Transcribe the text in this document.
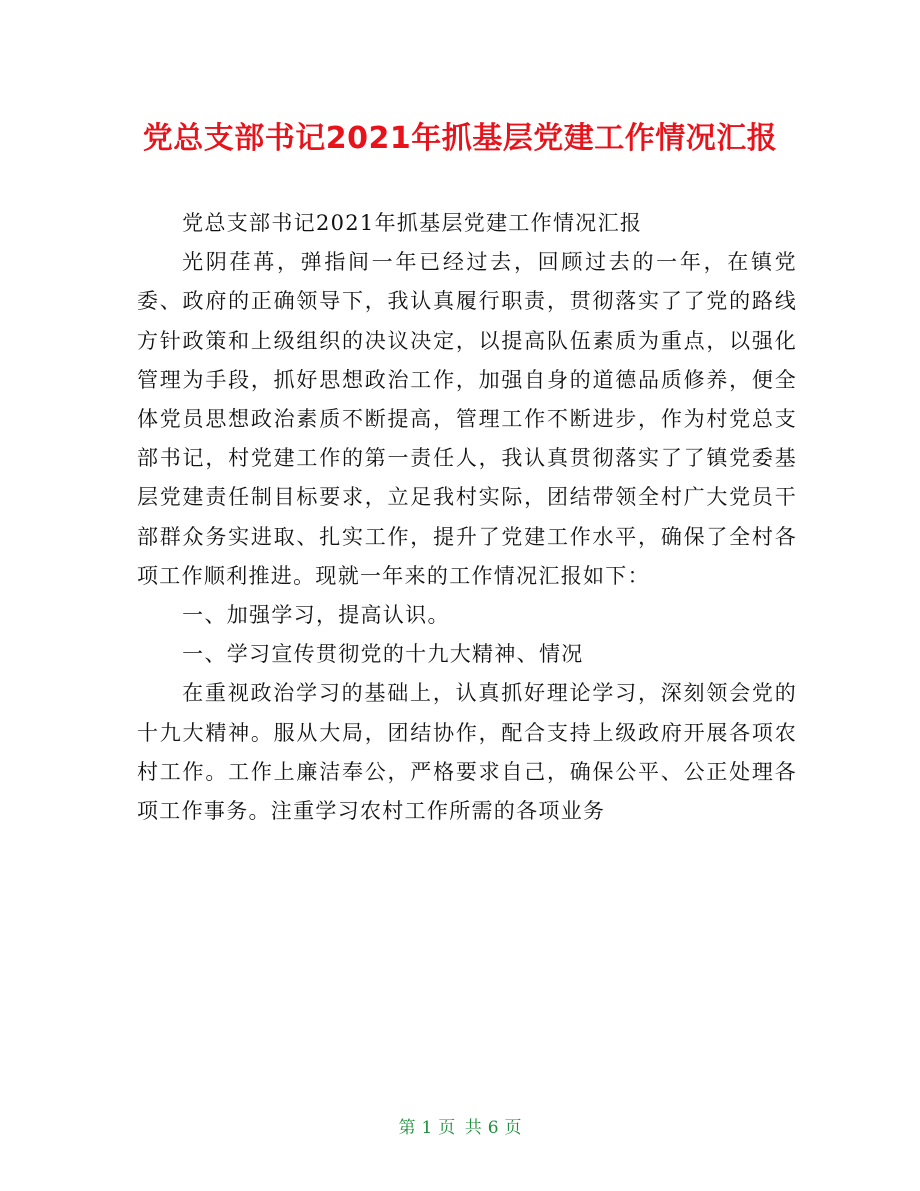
党总支部书记2021年抓基层党建工作情况汇报

党总支部书记2021年抓基层党建工作情况汇报

光阴荏苒，弹指间一年已经过去，回顾过去的一年，在镇党委、政府的正确领导下，我认真履行职责，贯彻落实了了党的路线方针政策和上级组织的决议决定，以提高队伍素质为重点，以强化管理为手段，抓好思想政治工作，加强自身的道德品质修养，便全体党员思想政治素质不断提高，管理工作不断进步，作为村党总支部书记，村党建工作的第一责任人，我认真贯彻落实了了镇党委基层党建责任制目标要求，立足我村实际，团结带领全村广大党员干部群众务实进取、扎实工作，提升了党建工作水平，确保了全村各项工作顺利推进。现就一年来的工作情况汇报如下：

一、加强学习，提高认识。

一、学习宣传贯彻党的十九大精神、情况

在重视政治学习的基础上，认真抓好理论学习，深刻领会党的十九大精神。服从大局，团结协作，配合支持上级政府开展各项农村工作。工作上廉洁奉公，严格要求自己，确保公平、公正处理各项工作事务。注重学习农村工作所需的各项业务

第 1 页 共 6 页
